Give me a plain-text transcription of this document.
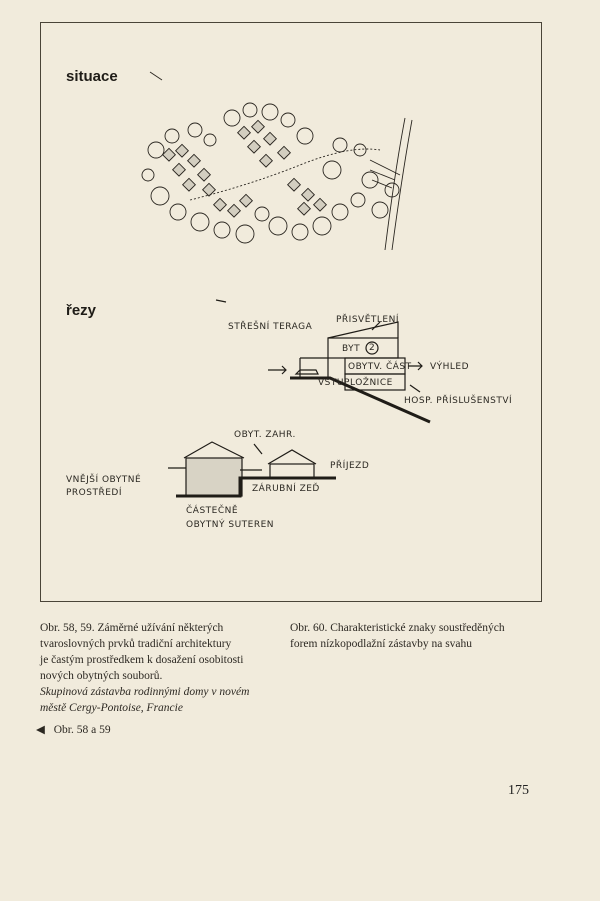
situace
řezy
STŘEŠNÍ TERAGA
PŘISVĚTLENÍ
BYT 2
OBYTV. ČÁST VÝHLED
VSTUP LOŽNICE
HOSP. PŘÍSLUŠENSTVÍ
OBYT. ZAHR.
PŘÍJEZD
VNĚJŠÍ OBYTNÉ
PROSTŘEDÍ	ZÁRUBNÍ ZEĎ
ČÁSTEČNĚ
OBYTNÝ SUTEREN
Obr. 58, 59. Záměrné užívání některých
tvaroslovných prvků tradiční architektury
je častým prostředkem k dosažení osobitosti
nových obytných souborů.
Skupinová zástavba rodinnými domy v novém
městě Cergy-Pontoise, Francie
◀ Obr. 58 a 59
Obr. 60. Charakteristické znaky soustředěných
forem nízkopodlažní zástavby na svahu
175
